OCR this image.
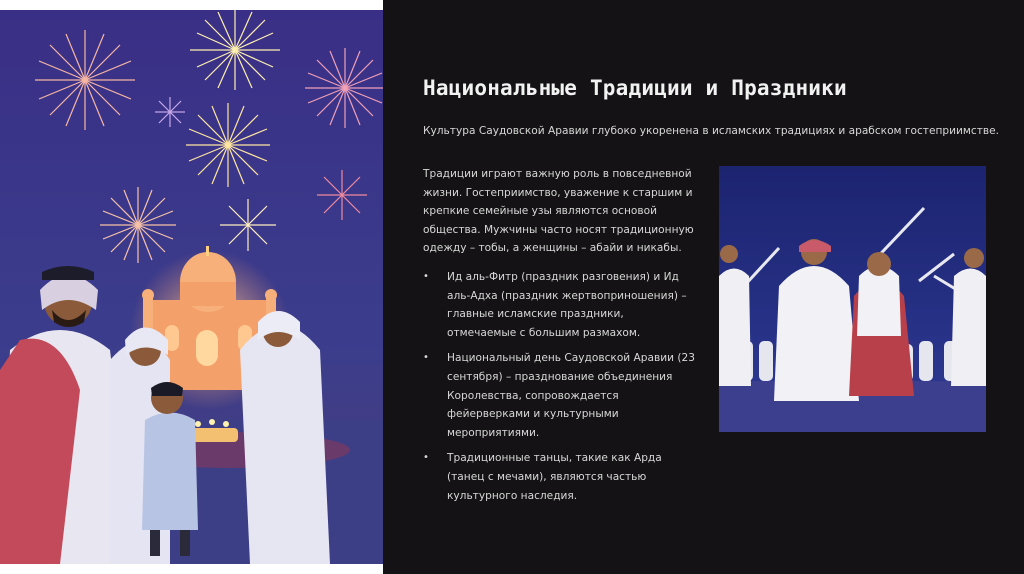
Национальные Традиции и Праздники
Культура Саудовской Аравии глубоко укоренена в исламских традициях и арабском гостеприимстве.

Традиции играют важную роль в повседневной жизни. Гостеприимство, уважение к старшим и крепкие семейные узы являются основой общества. Мужчины часто носят традиционную одежду – тобы, а женщины – абайи и никабы.

• Ид аль-Фитр (праздник разговения) и Ид аль-Адха (праздник жертвоприношения) – главные исламские праздники, отмечаемые с большим размахом.
• Национальный день Саудовской Аравии (23 сентября) – празднование объединения Королевства, сопровождается фейерверками и культурными мероприятиями.
• Традиционные танцы, такие как Арда (танец с мечами), являются частью культурного наследия.
